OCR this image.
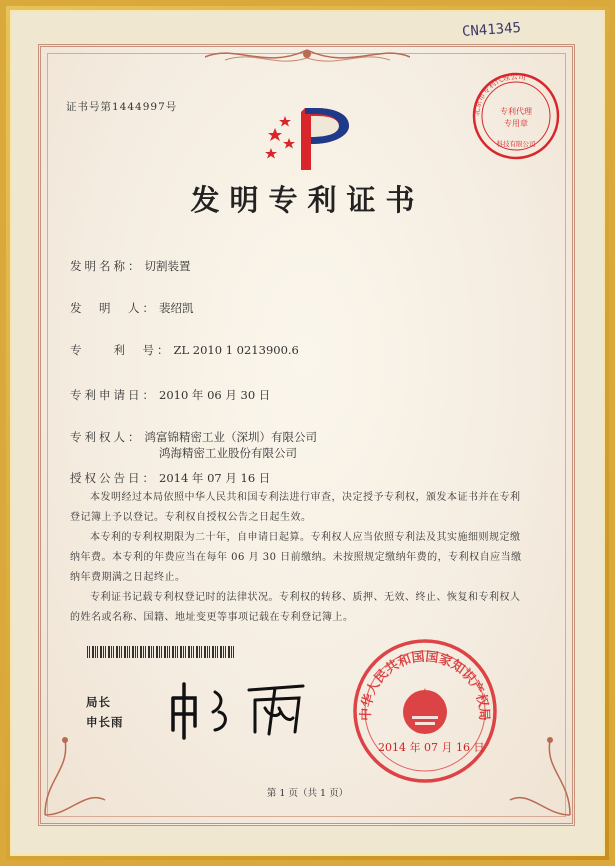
CN41345
证书号第1444997号	北京市专利代理公司
专利代理
专用章
科技有限公司
发明专利证书
发明名称： 切割装置
发　明　人： 裴绍凯
专　　利　号： ZL 2010 1 0213900.6
专利申请日： 2010 年 06 月 30 日
专利权人： 鸿富锦精密工业（深圳）有限公司
鸿海精密工业股份有限公司
授权公告日： 2014 年 07 月 16 日
本发明经过本局依照中华人民共和国专利法进行审查，决定授予专利权，颁发本证书并在专利登记簿上予以登记。专利权自授权公告之日起生效。
本专利的专利权期限为二十年，自申请日起算。专利权人应当依照专利法及其实施细则规定缴纳年费。本专利的年费应当在每年 06 月 30 日前缴纳。未按照规定缴纳年费的，专利权自应当缴纳年费期满之日起终止。
专利证书记载专利权登记时的法律状况。专利权的转移、质押、无效、终止、恢复和专利权人的姓名或名称、国籍、地址变更等事项记载在专利登记簿上。
局长
申长雨
中华人民共和国国家知识产权局
2014 年 07 月 16 日
第 1 页（共 1 页）
